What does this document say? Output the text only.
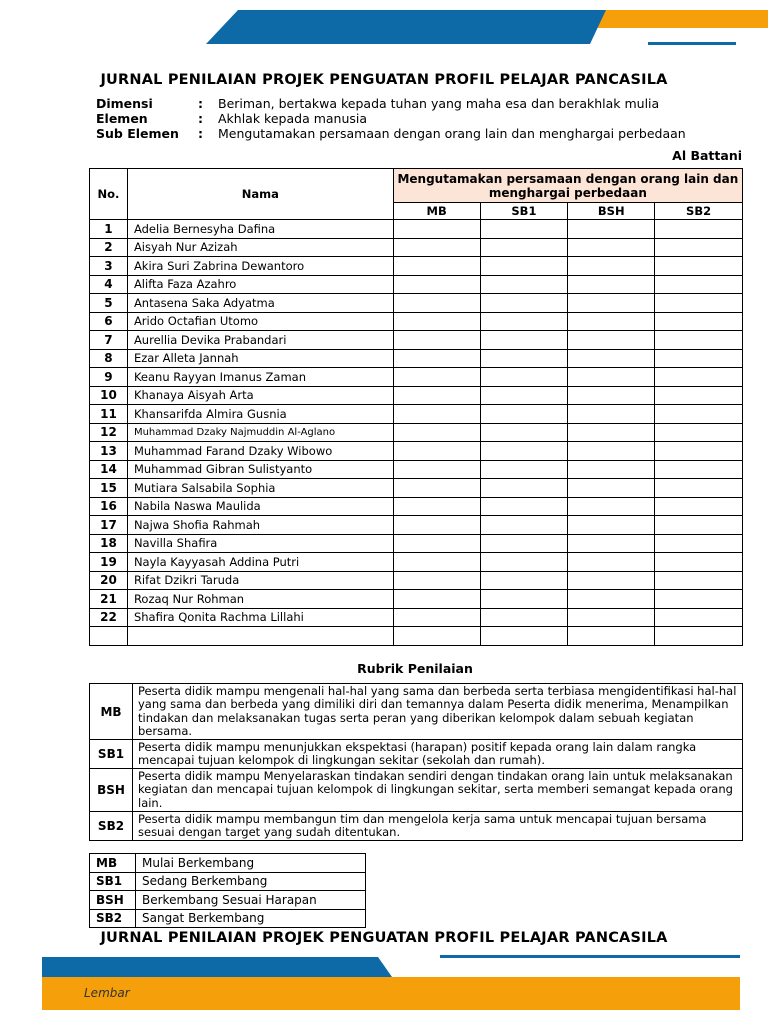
JURNAL PENILAIAN PROJEK PENGUATAN PROFIL PELAJAR PANCASILA
Dimensi	:	Beriman, bertakwa kepada tuhan yang maha esa dan berakhlak mulia
Elemen	:	Akhlak kepada manusia
Sub Elemen	:	Mengutamakan persamaan dengan orang lain dan menghargai perbedaan
Al Battani
No.	Nama	Mengutamakan persamaan dengan orang lain dan menghargai perbedaan			
		MB	SB1	BSH	SB2
1	Adelia Bernesyha Dafina				
2	Aisyah Nur Azizah				
3	Akira Suri Zabrina Dewantoro				
4	Alifta Faza Azahro				
5	Antasena Saka Adyatma				
6	Arido Octafian Utomo				
7	Aurellia Devika Prabandari				
8	Ezar Alleta Jannah				
9	Keanu Rayyan Imanus Zaman				
10	Khanaya Aisyah Arta				
11	Khansarifda Almira Gusnia				
12	Muhammad Dzaky Najmuddin Al-Aglano				
13	Muhammad Farand Dzaky Wibowo				
14	Muhammad Gibran Sulistyanto				
15	Mutiara Salsabila Sophia				
16	Nabila Naswa Maulida				
17	Najwa Shofia Rahmah				
18	Navilla Shafira				
19	Nayla Kayyasah Addina Putri				
20	Rifat Dzikri Taruda				
21	Rozaq Nur Rohman				
22	Shafira Qonita Rachma Lillahi				

Rubrik Penilaian
MB	Peserta didik mampu mengenali hal-hal yang sama dan berbeda serta terbiasa mengidentifikasi hal-hal yang sama dan berbeda yang dimiliki diri dan temannya dalam Peserta didik menerima, Menampilkan tindakan dan melaksanakan tugas serta peran yang diberikan kelompok dalam sebuah kegiatan bersama.
SB1	Peserta didik mampu menunjukkan ekspektasi (harapan) positif kepada orang lain dalam rangka mencapai tujuan kelompok di lingkungan sekitar (sekolah dan rumah).
BSH	Peserta didik mampu Menyelaraskan tindakan sendiri dengan tindakan orang lain untuk melaksanakan kegiatan dan mencapai tujuan kelompok di lingkungan sekitar, serta memberi semangat kepada orang lain.
SB2	Peserta didik mampu membangun tim dan mengelola kerja sama untuk mencapai tujuan bersama sesuai dengan target yang sudah ditentukan.
MB	Mulai Berkembang
SB1	Sedang Berkembang
BSH	Berkembang Sesuai Harapan
SB2	Sangat Berkembang
JURNAL PENILAIAN PROJEK PENGUATAN PROFIL PELAJAR PANCASILA
Lembar
